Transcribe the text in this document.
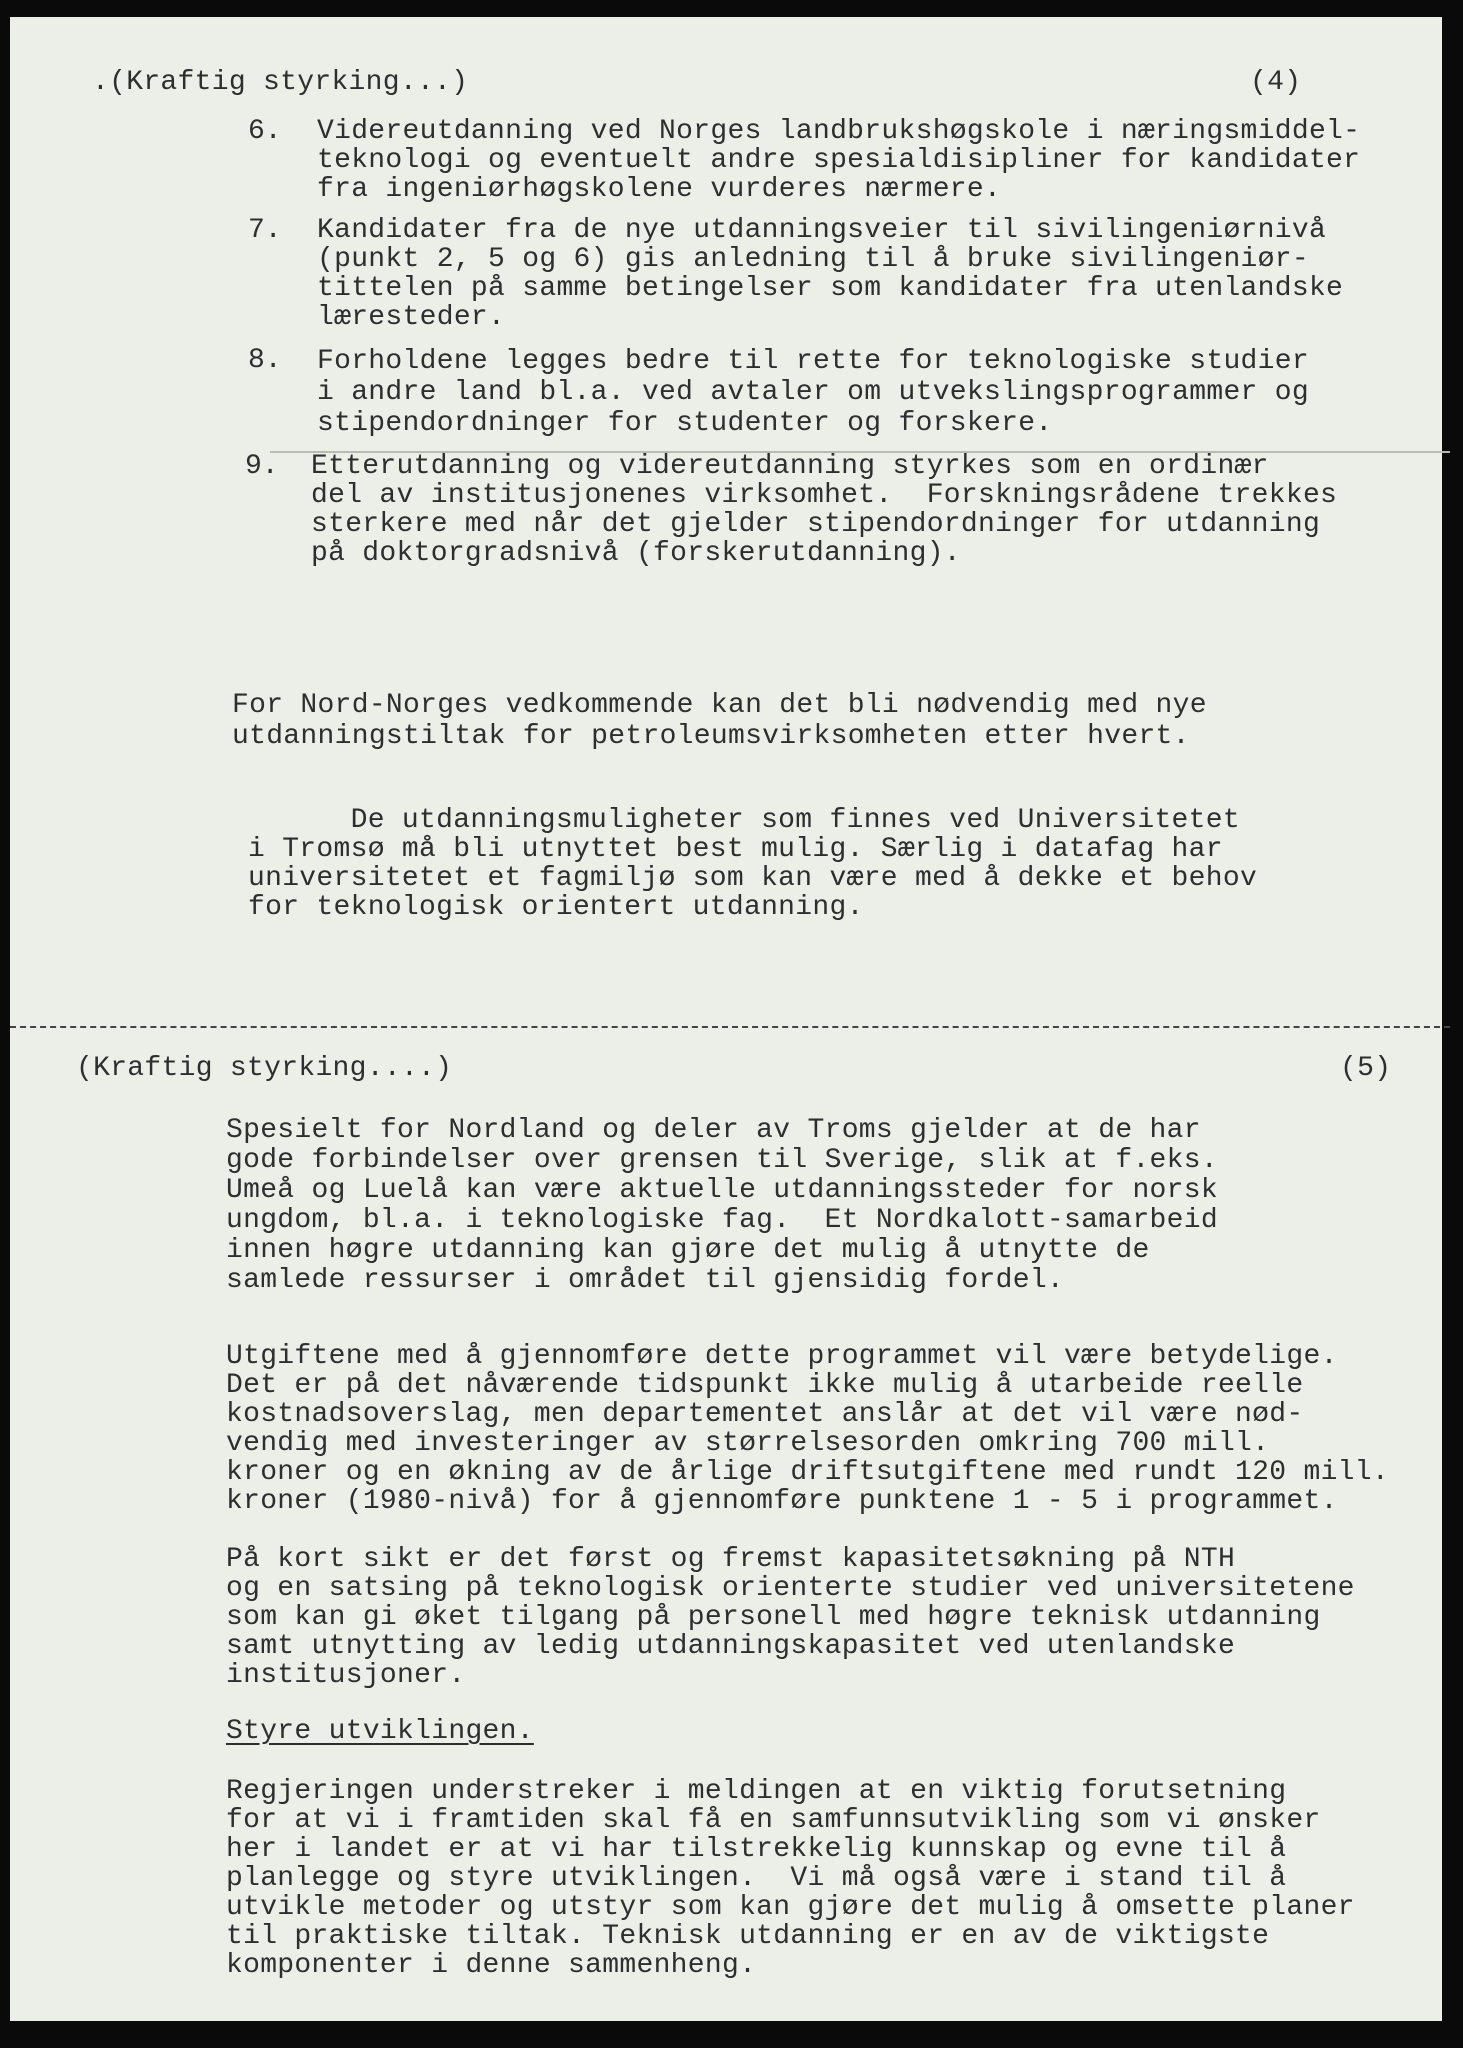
.(Kraftig styrking...)	(4)
6. Videreutdanning ved Norges landbrukshøgskole i næringsmiddel-
teknologi og eventuelt andre spesialdisipliner for kandidater
fra ingeniørhøgskolene vurderes nærmere.
7. Kandidater fra de nye utdanningsveier til sivilingeniørnivå
(punkt 2, 5 og 6) gis anledning til å bruke sivilingeniør-
tittelen på samme betingelser som kandidater fra utenlandske
læresteder.
8. Forholdene legges bedre til rette for teknologiske studier
i andre land bl.a. ved avtaler om utvekslingsprogrammer og
stipendordninger for studenter og forskere.
9. Etterutdanning og videreutdanning styrkes som en ordinær
del av institusjonenes virksomhet.  Forskningsrådene trekkes
sterkere med når det gjelder stipendordninger for utdanning
på doktorgradsnivå (forskerutdanning).
For Nord-Norges vedkommende kan det bli nødvendig med nye
utdanningstiltak for petroleumsvirksomheten etter hvert.
De utdanningsmuligheter som finnes ved Universitetet
i Tromsø må bli utnyttet best mulig. Særlig i datafag har
universitetet et fagmiljø som kan være med å dekke et behov
for teknologisk orientert utdanning.
(Kraftig styrking....)	(5)
Spesielt for Nordland og deler av Troms gjelder at de har
gode forbindelser over grensen til Sverige, slik at f.eks.
Umeå og Luelå kan være aktuelle utdanningssteder for norsk
ungdom, bl.a. i teknologiske fag.  Et Nordkalott-samarbeid
innen høgre utdanning kan gjøre det mulig å utnytte de
samlede ressurser i området til gjensidig fordel.
Utgiftene med å gjennomføre dette programmet vil være betydelige.
Det er på det nåværende tidspunkt ikke mulig å utarbeide reelle
kostnadsoverslag, men departementet anslår at det vil være nød-
vendig med investeringer av størrelsesorden omkring 700 mill.
kroner og en økning av de årlige driftsutgiftene med rundt 120 mill.
kroner (1980-nivå) for å gjennomføre punktene 1 - 5 i programmet.
På kort sikt er det først og fremst kapasitetsøkning på NTH
og en satsing på teknologisk orienterte studier ved universitetene
som kan gi øket tilgang på personell med høgre teknisk utdanning
samt utnytting av ledig utdanningskapasitet ved utenlandske
institusjoner.
Styre utviklingen.
Regjeringen understreker i meldingen at en viktig forutsetning
for at vi i framtiden skal få en samfunnsutvikling som vi ønsker
her i landet er at vi har tilstrekkelig kunnskap og evne til å
planlegge og styre utviklingen.  Vi må også være i stand til å
utvikle metoder og utstyr som kan gjøre det mulig å omsette planer
til praktiske tiltak. Teknisk utdanning er en av de viktigste
komponenter i denne sammenheng.
